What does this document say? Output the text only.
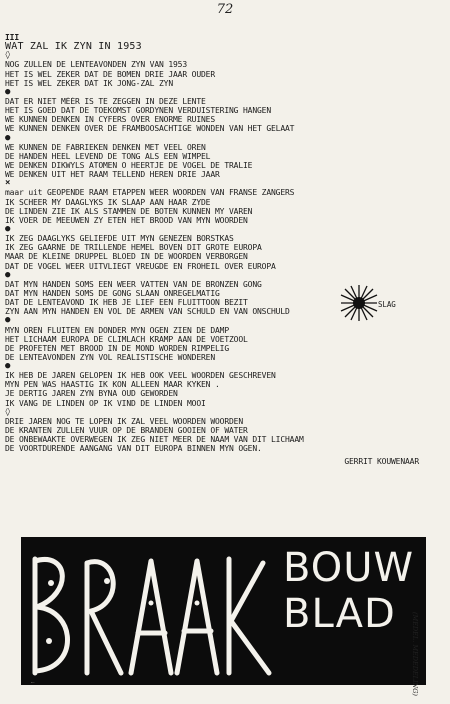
72
III
WAT ZAL IK ZYN IN 1953
◊
NOG ZULLEN DE LENTEAVONDEN ZYN VAN 1953
HET IS WEL ZEKER DAT DE BOMEN DRIE JAAR OUDER
HET IS WEL ZEKER DAT IK JONG-ZAL ZYN
●
DAT ER NIET MÉÉR IS TE ZEGGEN IN DEZE LENTE
HET IS GOED DAT DE TOEKOMST GORDYNEN VERDUISTERING HANGEN
WE KUNNEN DENKEN IN CYFERS OVER ENORME RUINES
WE KUNNEN DENKEN OVER DE FRAMBOOSACHTIGE WONDEN VAN HET GELAAT
●
WE KUNNEN DE FABRIEKEN DENKEN MET VEEL OREN
DE HANDEN HEEL LEVEND DE TONG ALS EEN WIMPEL
WE DENKEN DIKWYLS ATOMEN O HEERTJE DE VOGEL DE TRALIE
WE DENKEN UIT HET RAAM TELLEND HEREN DRIE JAAR
×
maar uit GEOPENDE RAAM ETAPPEN WEER WOORDEN VAN FRANSE ZANGERS
IK SCHEER MY DAAGLYKS IK SLAAP AAN HAAR ZYDE
DE LINDEN ZIE IK ALS STAMMEN DE BOTEN KUNNEN MY VAREN
IK VOER DE MEEUWEN ZY ETEN HET BROOD VAN MYN WOORDEN
●
IK ZEG DAAGLYKS GELIEFDE UIT MYN GENEZEN BORSTKAS
IK ZEG GAARNE DE TRILLENDE HEMEL BOVEN DIT GROTE EUROPA
MAAR DE KLEINE DRUPPEL BLOED IN DE WOORDEN VERBORGEN
DAT DE VOGEL WEER UITVLIEGT VREUGDE EN FROHEIL OVER EUROPA
●
DAT MYN HANDEN SOMS EEN WEER VATTEN VAN DE BRONZEN GONG
DAT MYN HANDEN SOMS DE GONG SLAAN ONREGELMATIG
DAT DE LENTEAVOND IK HEB JE LIEF EEN FLUITTOON BEZIT
ZYN AAN MYN HANDEN EN VOL DE ARMEN VAN SCHULD EN VAN ONSCHULD
●
MYN OREN FLUITEN EN DONDER MYN OGEN ZIEN DE DAMP
HET LICHAAM EUROPA DE CLIMLACH KRAMP AAN DE VOETZOOL
DE PROFETEN MET BROOD IN DE MOND WORDEN RIMPELIG
DE LENTEAVONDEN ZYN VOL REALISTISCHE WONDEREN
●
IK HEB DE JAREN GELOPEN IK HEB OOK VEEL WOORDEN GESCHREVEN
MYN PEN WAS HAASTIG IK KON ALLEEN MAAR KYKEN .
JE DERTIG JAREN ZYN BYNA OUD GEWORDEN
IK VANG DE LINDEN OP IK VIND DE LINDEN MOOI
◊
DRIE JAREN NOG TE LOPEN IK ZAL VEEL WOORDEN WOORDEN
DE KRANTEN ZULLEN VUUR OP DE BRANDEN GOOIEN OF WATER
DE ONBEWAAKTE OVERWEGEN IK ZEG NIET MEER DE NAAM VAN DIT LICHAAM
DE VOORTDURENDE AANGANG VAN DIT EUROPA BINNEN MYN OGEN.
GERRIT KOUWENAAR
SLAG
BRAAK
BOUW
BLAD	(MEDEL. MEDEDELING)
